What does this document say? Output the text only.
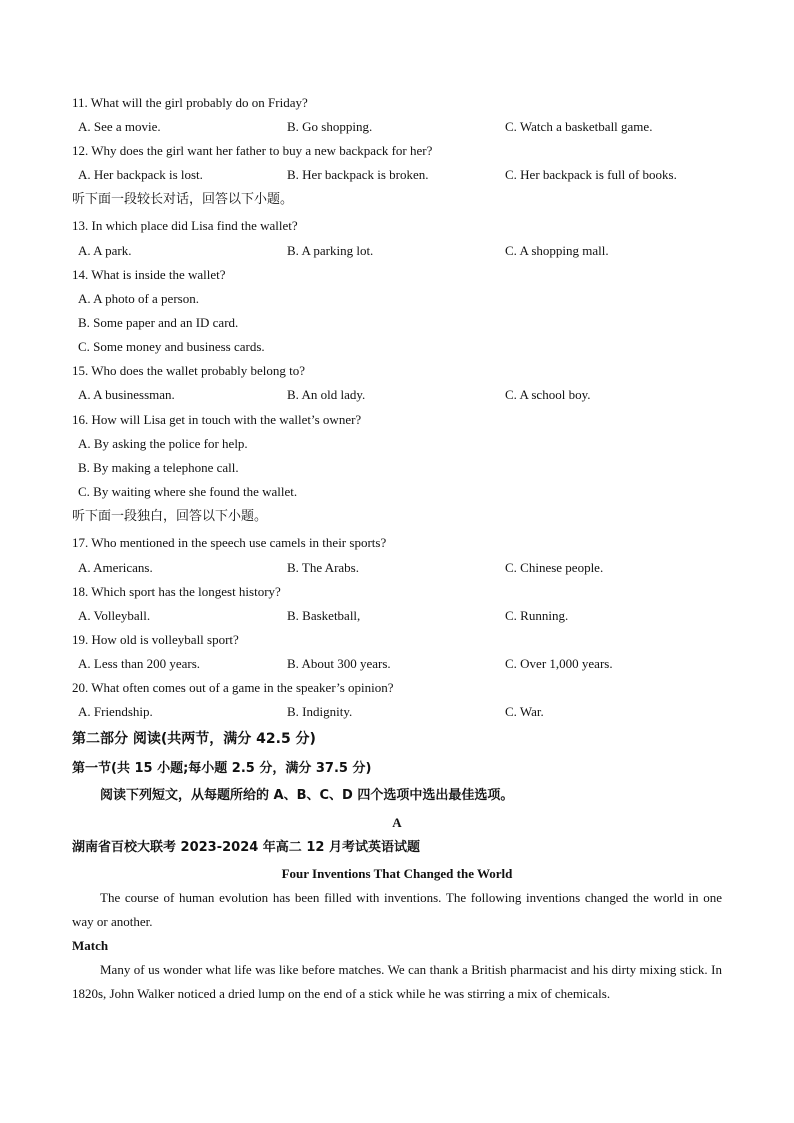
11. What will the girl probably do on Friday?
A. See a movie.	B. Go shopping.	C. Watch a basketball game.
12. Why does the girl want her father to buy a new backpack for her?
A. Her backpack is lost.	B. Her backpack is broken.	C. Her backpack is full of books.
听下面一段较长对话，回答以下小题。
13. In which place did Lisa find the wallet?
A. A park.	B. A parking lot.	C. A shopping mall.
14. What is inside the wallet?
A. A photo of a person.
B. Some paper and an ID card.
C. Some money and business cards.
15. Who does the wallet probably belong to?
A. A businessman.	B. An old lady.	C. A school boy.
16. How will Lisa get in touch with the wallet’s owner?
A. By asking the police for help.
B. By making a telephone call.
C. By waiting where she found the wallet.
听下面一段独白，回答以下小题。
17. Who mentioned in the speech use camels in their sports?
A. Americans.	B. The Arabs.	C. Chinese people.
18. Which sport has the longest history?
A. Volleyball.	B. Basketball,	C. Running.
19. How old is volleyball sport?
A. Less than 200 years.	B. About 300 years.	C. Over 1,000 years.
20. What often comes out of a game in the speaker’s opinion?
A. Friendship.	B. Indignity.	C. War.
第二部分 阅读(共两节，满分 42.5 分)
第一节(共 15 小题;每小题 2.5 分，满分 37.5 分)
阅读下列短文，从每题所给的 A、B、C、D 四个选项中选出最佳选项。
A
湖南省百校大联考 2023-2024 年高二 12 月考试英语试题
Four Inventions That Changed the World
The course of human evolution has been filled with inventions. The following inventions changed the world in one way or another.
Match
Many of us wonder what life was like before matches. We can thank a British pharmacist and his dirty mixing stick. In 1820s, John Walker noticed a dried lump on the end of a stick while he was stirring a mix of chemicals.
